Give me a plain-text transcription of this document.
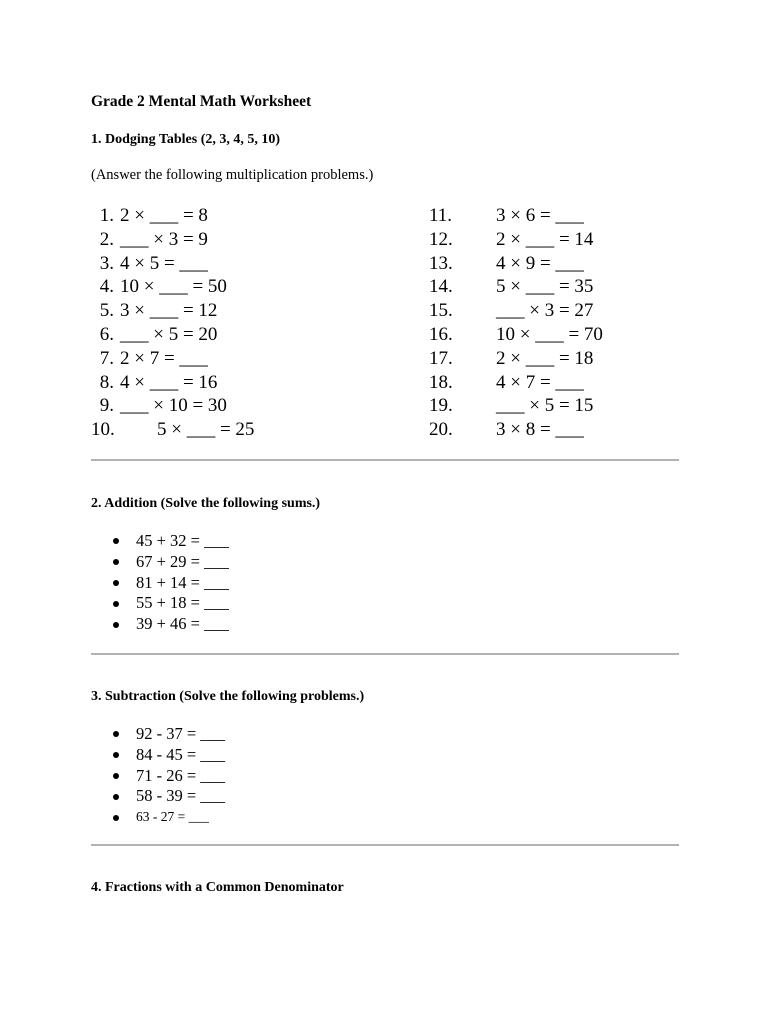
Grade 2 Mental Math Worksheet
1. Dodging Tables (2, 3, 4, 5, 10)
(Answer the following multiplication problems.)
1. 2 × ___ = 8
2. ___ × 3 = 9
3. 4 × 5 = ___
4. 10 × ___ = 50
5. 3 × ___ = 12
6. ___ × 5 = 20
7. 2 × 7 = ___
8. 4 × ___ = 16
9. ___ × 10 = 30
10.	5 × ___ = 25
11.	3 × 6 = ___
12.	2 × ___ = 14
13.	4 × 9 = ___
14.	5 × ___ = 35
15.	___ × 3 = 27
16.	10 × ___ = 70
17.	2 × ___ = 18
18.	4 × 7 = ___
19.	___ × 5 = 15
20.	3 × 8 = ___
2. Addition (Solve the following sums.)
45 + 32 = ___
67 + 29 = ___
81 + 14 = ___
55 + 18 = ___
39 + 46 = ___
3. Subtraction (Solve the following problems.)
92 - 37 = ___
84 - 45 = ___
71 - 26 = ___
58 - 39 = ___
63 - 27 = ___
4. Fractions with a Common Denominator
